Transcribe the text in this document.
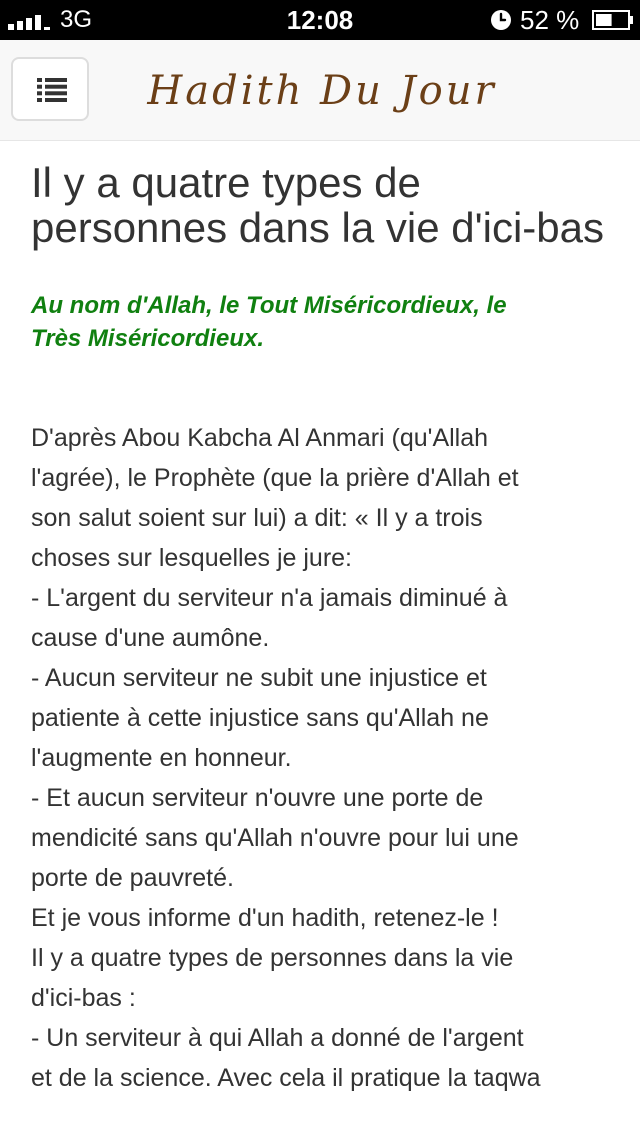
3G	12:08	52 %
Hadith Du Jour
Il y a quatre types de personnes dans la vie d'ici-bas

Au nom d'Allah, le Tout Miséricordieux, le
Très Miséricordieux.

D'après Abou Kabcha Al Anmari (qu'Allah
l'agrée), le Prophète (que la prière d'Allah et
son salut soient sur lui) a dit: « Il y a trois
choses sur lesquelles je jure:
- L'argent du serviteur n'a jamais diminué à
cause d'une aumône.
- Aucun serviteur ne subit une injustice et
patiente à cette injustice sans qu'Allah ne
l'augmente en honneur.
- Et aucun serviteur n'ouvre une porte de
mendicité sans qu'Allah n'ouvre pour lui une
porte de pauvreté.
Et je vous informe d'un hadith, retenez-le !
Il y a quatre types de personnes dans la vie
d'ici-bas :
- Un serviteur à qui Allah a donné de l'argent
et de la science. Avec cela il pratique la taqwa
